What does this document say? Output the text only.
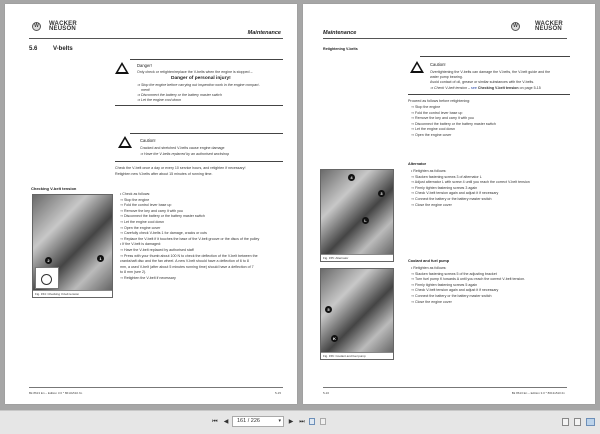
W	WACKER
NEUSON
Maintenance
5.6	V-belts
Danger!
Only check or retighten/replace the V-belts when the engine is stopped –
Danger of personal injury!
⇒ Stop the engine before carrying out inspection work in the engine compart-
ment!
⇒ Disconnect the battery or the battery master switch
⇒ Let the engine cool down
Caution!
Cracked and stretched V-belts cause engine damage
⇒ Have the V-belts replaced by an authorised workshop
Check the V-belt once a day or every 10 service hours, and retighten if necessary!
Retighten new V-belts after about 15 minutes of running time.
Checking V-belt tension
2	1
Fig. 154: Checking V-belt tension
• Check as follows:
⇒ Stop the engine
⇒ Fold the control lever base up
⇒ Remove the key and carry it with you
⇒ Disconnect the battery or the battery master switch
⇒ Let the engine cool down
⇒ Open the engine cover
⇒ Carefully check V-belts 1 for damage, cracks or cuts
⇒ Replace the V-belt if it touches the base of the V-belt groove or the discs of the pulley
• If the V-belt is damaged:
⇒ Have the V-belt replaced by authorised staff
⇒ Press with your thumb about 100 N to check the deflection of the V-belt between the
crankshaft disc and the fan wheel. A new V-belt should have a deflection of 6 to 8
mm, a used V-belt (after about 5 minutes running time) should have a deflection of 7
to 8 mm (see 2).
⇒ Retighten the V-belt if necessary
Bk 8613 En – Edition 3.0 * 8613s510.fm	5-15
Maintenance
W	WACKER
NEUSON
Retightening V-belts
Caution!
Overtightening the V-belts can damage the V-belts, the V-belt guide and the
water pump bearing.
Avoid contact of oil, grease or similar substances with the V-belts.
⇒ Check V-belt tension – see Checking V-belt tension on page 5-15
Proceed as follows before retightening:
⇒ Stop the engine
⇒ Fold the control lever base up
⇒ Remove the key and carry it with you
⇒ Disconnect the battery or the battery master switch
⇒ Let the engine cool down
⇒ Open the engine cover
Alternator
4
3
L
Fig. 155: Alternator
• Retighten as follows:
⇒ Slacken fastening screws 3 of alternator L
⇒ Adjust alternator L with screw 4 until you reach the correct V-belt tension
⇒ Firmly tighten fastening screws 3 again
⇒ Check V-belt tension again and adjust it if necessary
⇒ Connect the battery or the battery master switch
⇒ Close the engine cover
Coolant and fuel pump
5
K
Fig. 156: Coolant and fuel pump
• Retighten as follows:
⇒ Slacken fastening screws 5 of the adjusting bracket
⇒ Turn fuel pump K towards A until you reach the correct V-belt tension.
⇒ Firmly tighten fastening screws 5 again
⇒ Check V-belt tension again and adjust it if necessary
⇒ Connect the battery or the battery master switch
⇒ Close the engine cover
5-16	Bk 8613 En – Edition 3.0 * 8613s510.fm
⏮ ◀	161 / 226	▾ ▶ ⏭
